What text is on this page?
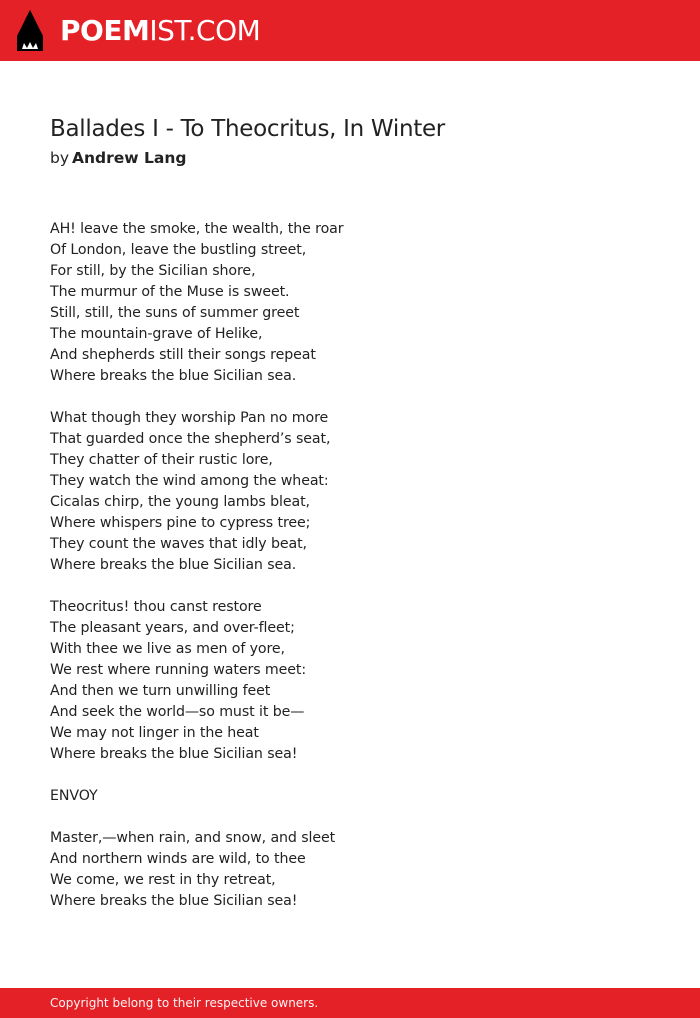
POEMIST.COM
Ballades I - To Theocritus, In Winter
by Andrew Lang
AH! leave the smoke, the wealth, the roar
Of London, leave the bustling street,
For still, by the Sicilian shore,
The murmur of the Muse is sweet.
Still, still, the suns of summer greet
The mountain-grave of Helike,
And shepherds still their songs repeat
Where breaks the blue Sicilian sea.
What though they worship Pan no more
That guarded once the shepherd’s seat,
They chatter of their rustic lore,
They watch the wind among the wheat:
Cicalas chirp, the young lambs bleat,
Where whispers pine to cypress tree;
They count the waves that idly beat,
Where breaks the blue Sicilian sea.
Theocritus! thou canst restore
The pleasant years, and over-fleet;
With thee we live as men of yore,
We rest where running waters meet:
And then we turn unwilling feet
And seek the world—so must it be—
We may not linger in the heat
Where breaks the blue Sicilian sea!
ENVOY
Master,—when rain, and snow, and sleet
And northern winds are wild, to thee
We come, we rest in thy retreat,
Where breaks the blue Sicilian sea!
Copyright belong to their respective owners.
